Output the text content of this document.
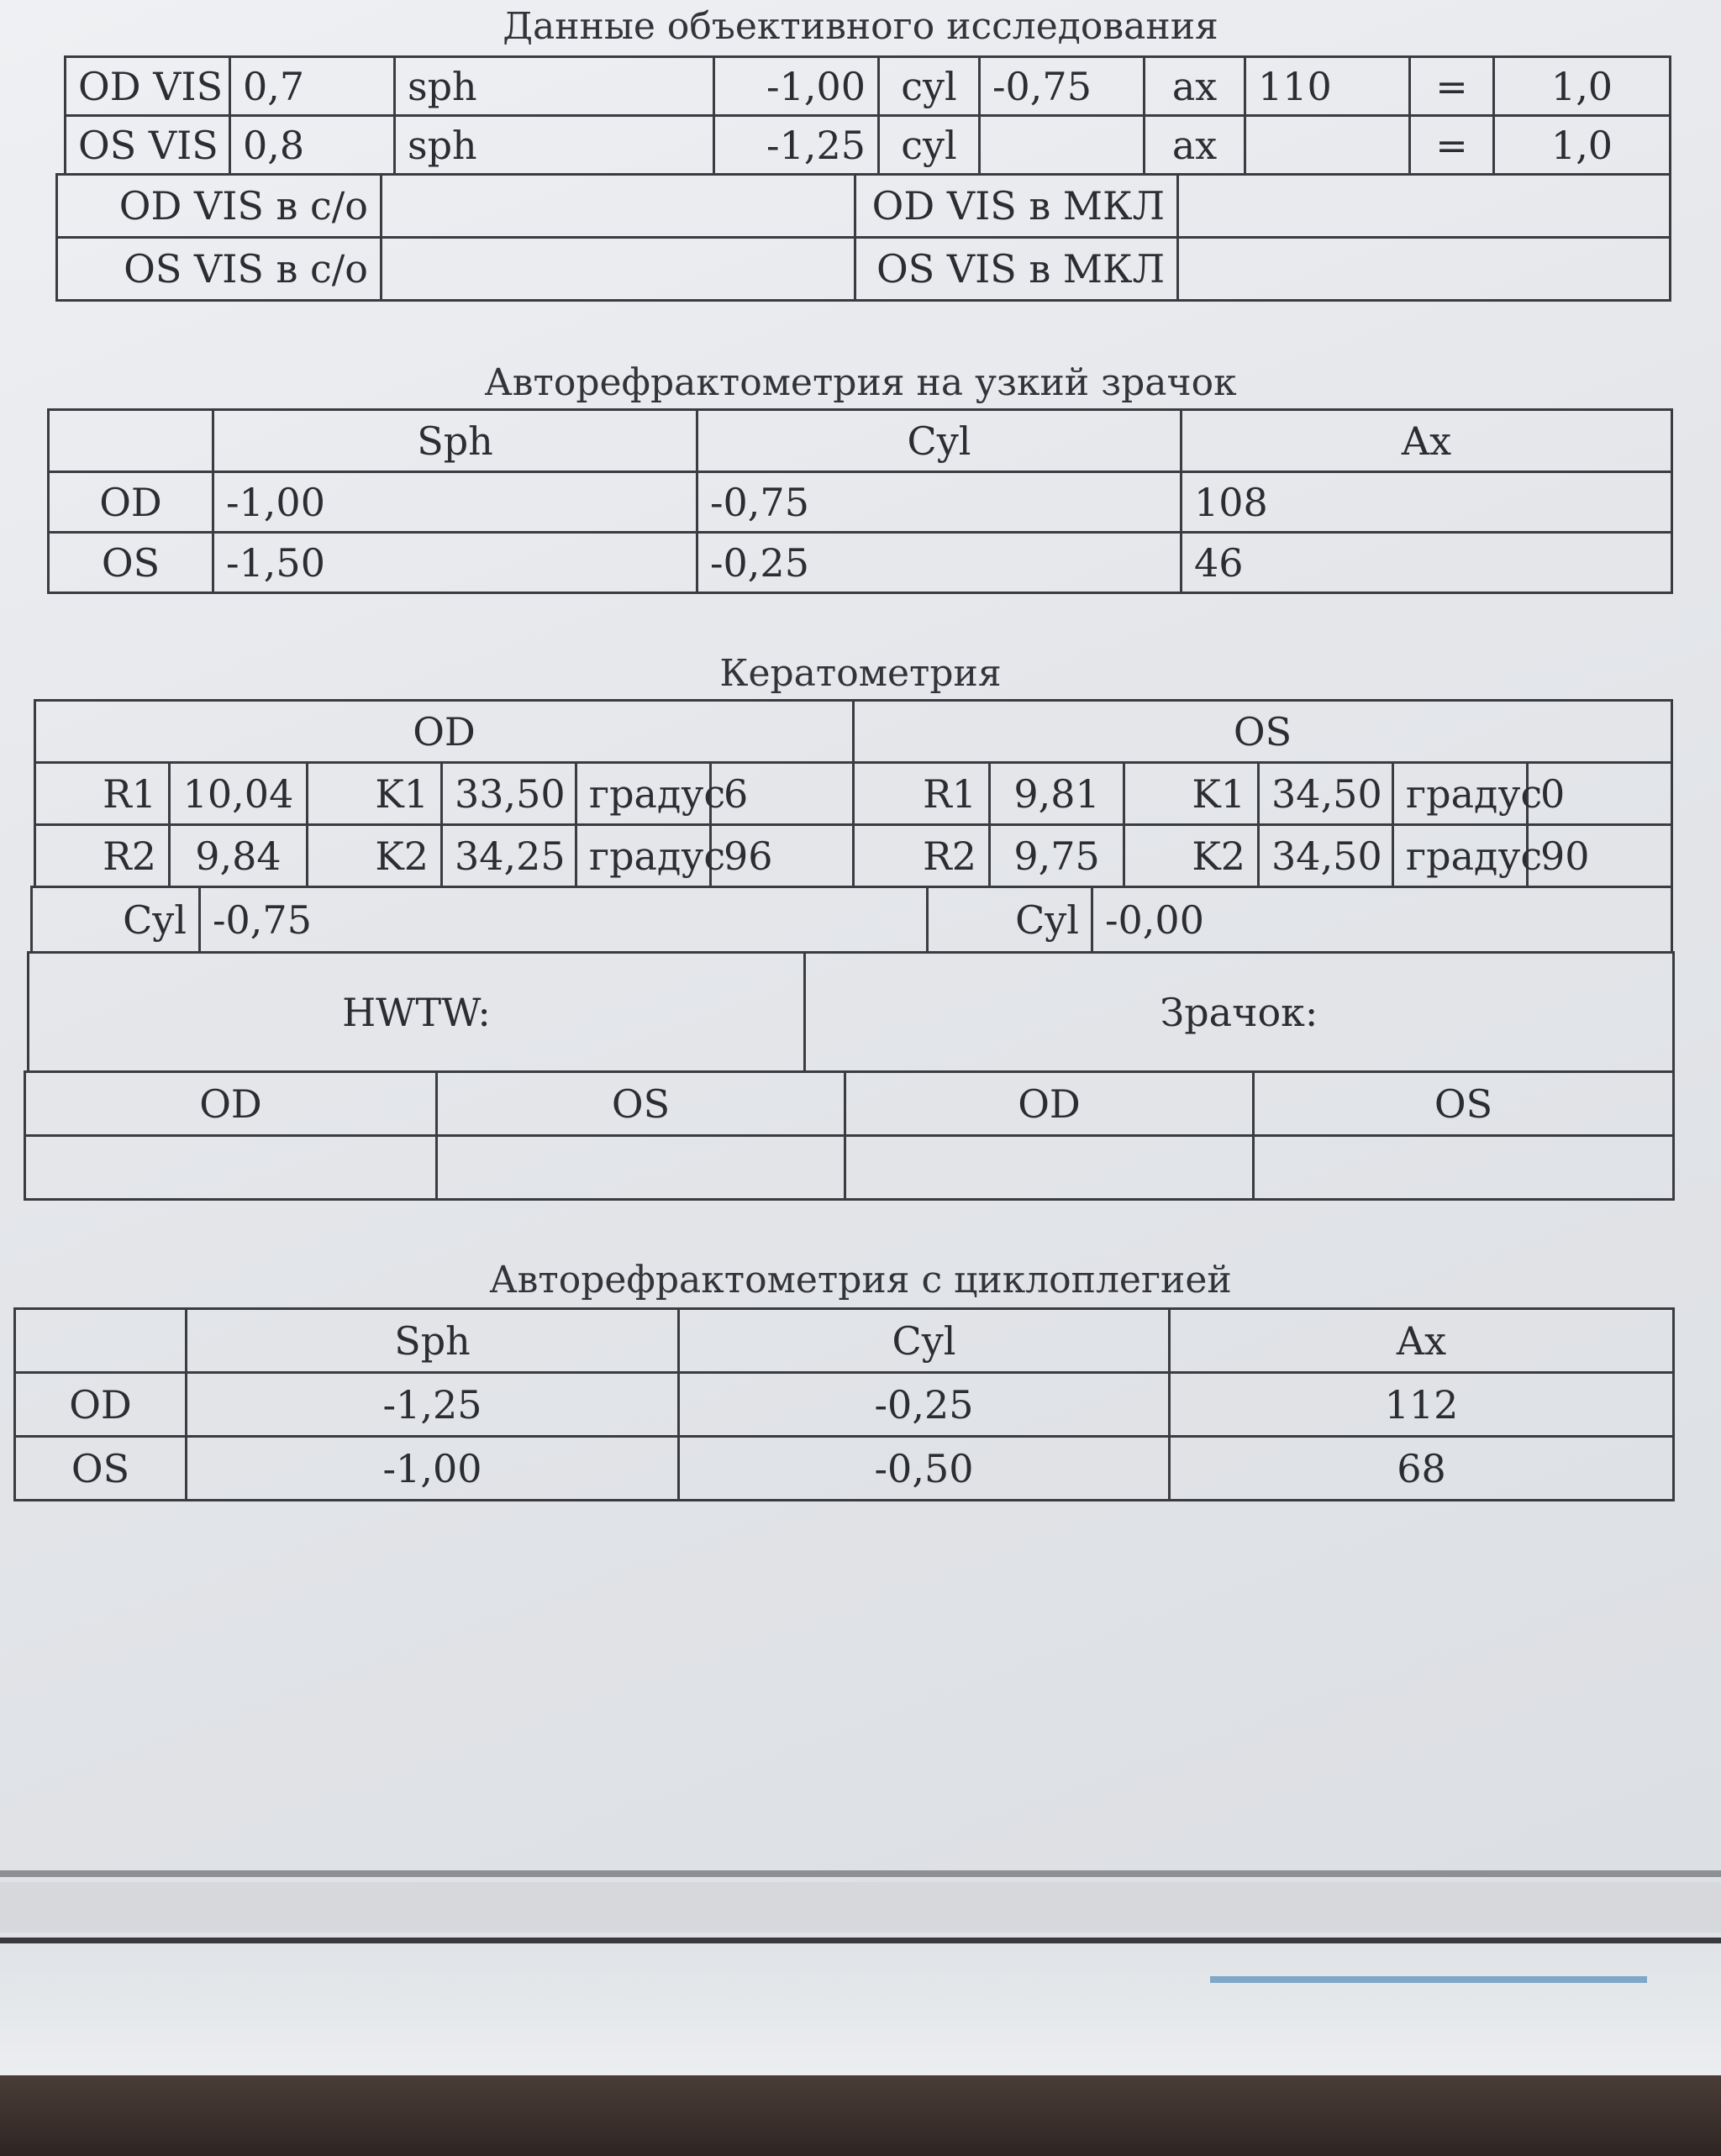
Данные объективного исследования
OD VIS	0,7	sph	-1,00	cyl	-0,75	ax	110	=	1,0
OS VIS	0,8	sph	-1,25	cyl		ax		=	1,0
OD VIS в с/о		OD VIS в МКЛ	
OS VIS в с/о		OS VIS в МКЛ	
Авторефрактометрия на узкий зрачок
	Sph	Cyl	Ax
OD	-1,00	-0,75	108
OS	-1,50	-0,25	46
Кератометрия
OD						OS					
R1	10,04	K1	33,50	градус	6	R1	9,81	K1	34,50	градус	0
R2	9,84	K2	34,25	градус	96	R2	9,75	K2	34,50	градус	90
Cyl	-0,75	Cyl	-0,00
HWTW:	Зрачок:
OD	OS	OD	OS

Авторефрактометрия с циклоплегией
	Sph	Cyl	Ax
OD	-1,25	-0,25	112
OS	-1,00	-0,50	68
